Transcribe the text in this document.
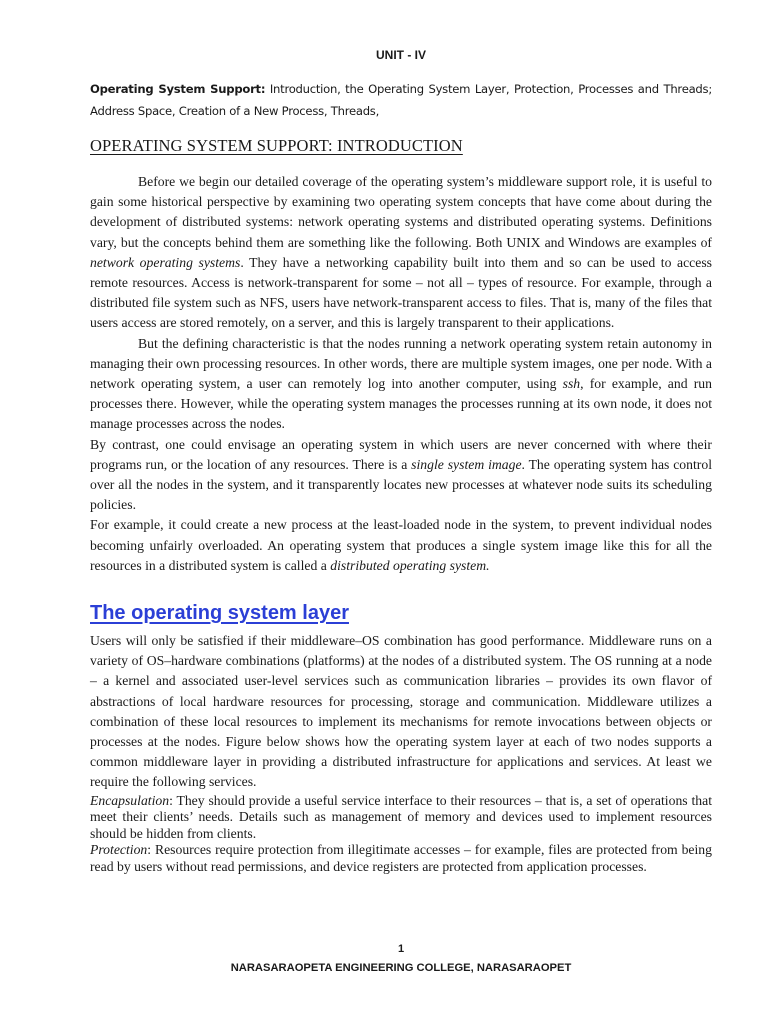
UNIT - IV
Operating System Support: Introduction, the Operating System Layer, Protection, Processes and Threads; Address Space, Creation of a New Process, Threads,
OPERATING SYSTEM SUPPORT: INTRODUCTION

Before we begin our detailed coverage of the operating system’s middleware support role, it is useful to gain some historical perspective by examining two operating system concepts that have come about during the development of distributed systems: network operating systems and distributed operating systems. Definitions vary, but the concepts behind them are something like the following. Both UNIX and Windows are examples of network operating systems. They have a networking capability built into them and so can be used to access remote resources. Access is network-transparent for some – not all – types of resource. For example, through a distributed file system such as NFS, users have network-transparent access to files. That is, many of the files that users access are stored remotely, on a server, and this is largely transparent to their applications.

But the defining characteristic is that the nodes running a network operating system retain autonomy in managing their own processing resources. In other words, there are multiple system images, one per node. With a network operating system, a user can remotely log into another computer, using ssh, for example, and run processes there. However, while the operating system manages the processes running at its own node, it does not manage processes across the nodes.

By contrast, one could envisage an operating system in which users are never concerned with where their programs run, or the location of any resources. There is a single system image. The operating system has control over all the nodes in the system, and it transparently locates new processes at whatever node suits its scheduling policies.

For example, it could create a new process at the least-loaded node in the system, to prevent individual nodes becoming unfairly overloaded. An operating system that produces a single system image like this for all the resources in a distributed system is called a distributed operating system.

The operating system layer

Users will only be satisfied if their middleware–OS combination has good performance. Middleware runs on a variety of OS–hardware combinations (platforms) at the nodes of a distributed system. The OS running at a node – a kernel and associated user-level services such as communication libraries – provides its own flavor of abstractions of local hardware resources for processing, storage and communication. Middleware utilizes a combination of these local resources to implement its mechanisms for remote invocations between objects or processes at the nodes. Figure below shows how the operating system layer at each of two nodes supports a common middleware layer in providing a distributed infrastructure for applications and services. At least we require the following services.

Encapsulation: They should provide a useful service interface to their resources – that is, a set of operations that meet their clients’ needs. Details such as management of memory and devices used to implement resources should be hidden from clients.

Protection: Resources require protection from illegitimate accesses – for example, files are protected from being read by users without read permissions, and device registers are protected from application processes.

1
NARASARAOPETA ENGINEERING COLLEGE, NARASARAOPET
